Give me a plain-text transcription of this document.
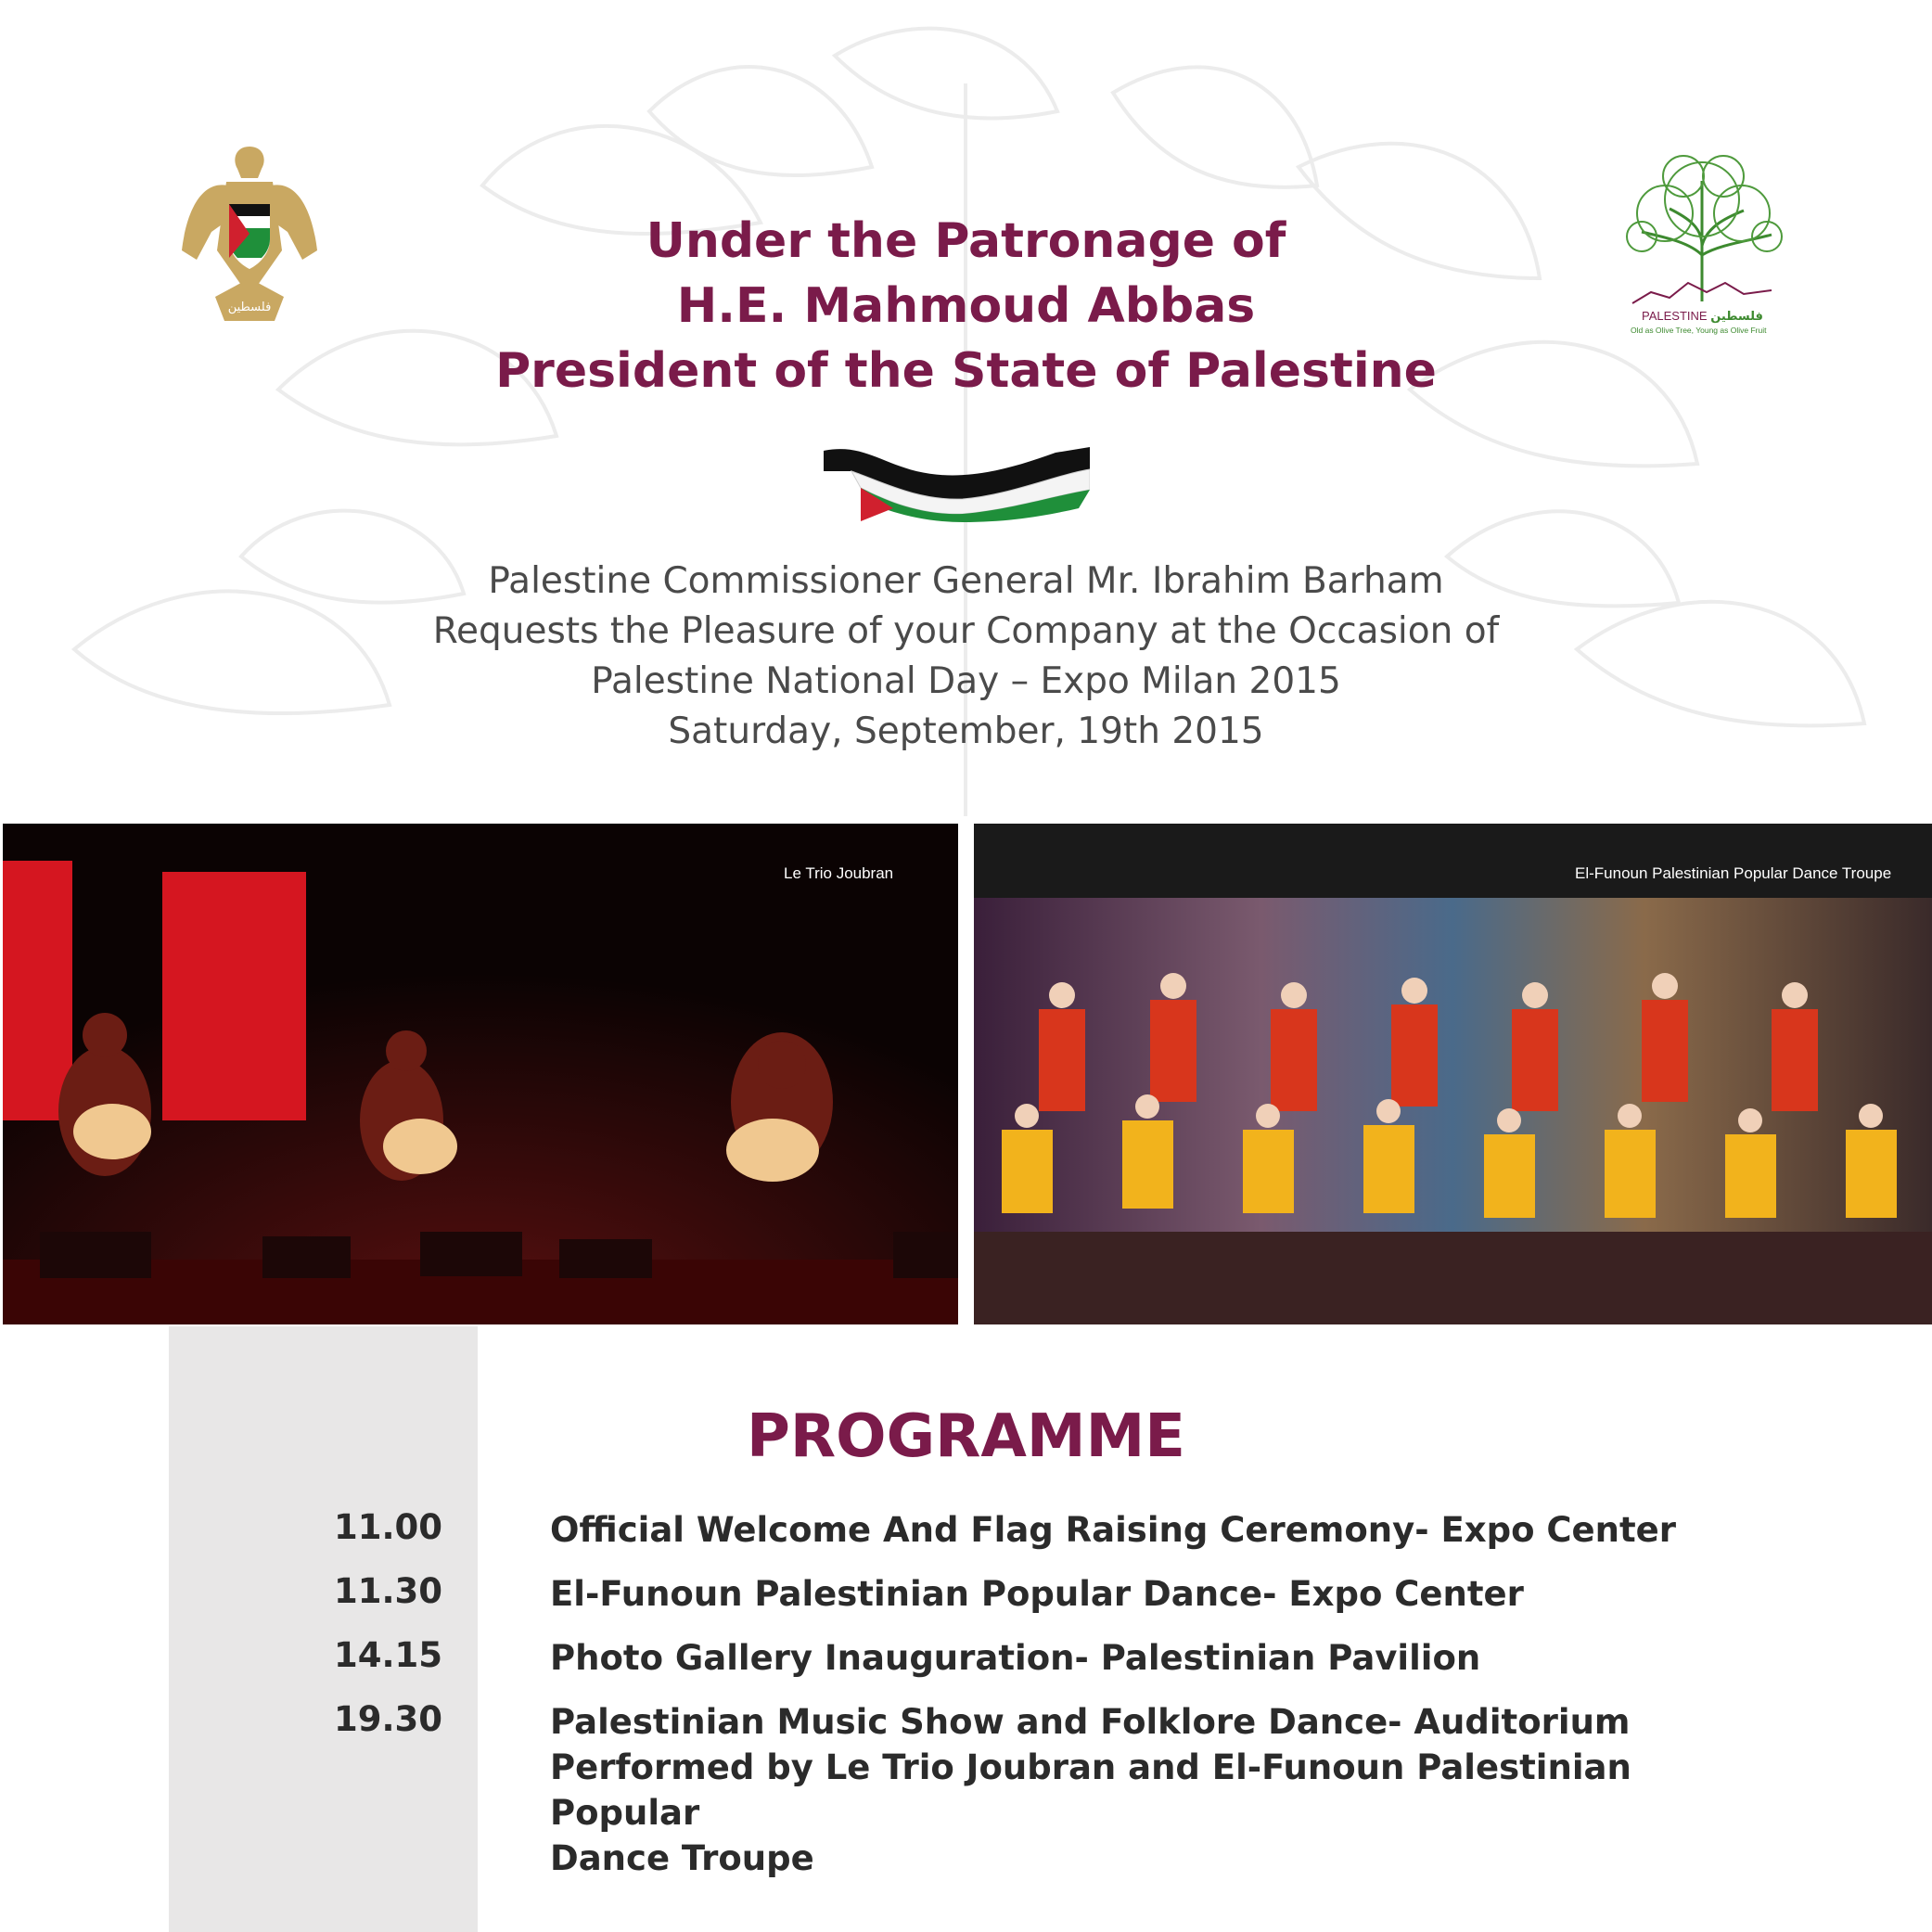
فلسطين
PALESTINE فلسطين
Old as Olive Tree, Young as Olive Fruit
Under the Patronage of
H.E. Mahmoud Abbas
President of the State of Palestine
Palestine Commissioner General Mr. Ibrahim Barham
Requests the Pleasure of your Company at the Occasion of
Palestine National Day – Expo Milan 2015
Saturday, September, 19th 2015
Le Trio Joubran	El-Funoun Palestinian Popular Dance Troupe
PROGRAMME
11.00	Official Welcome And Flag Raising Ceremony- Expo Center
11.30	El-Funoun Palestinian Popular Dance- Expo Center
14.15	Photo Gallery Inauguration- Palestinian Pavilion
19.30	Palestinian Music Show and Folklore Dance- Auditorium
Performed by Le Trio Joubran and El-Funoun Palestinian Popular
Dance Troupe
